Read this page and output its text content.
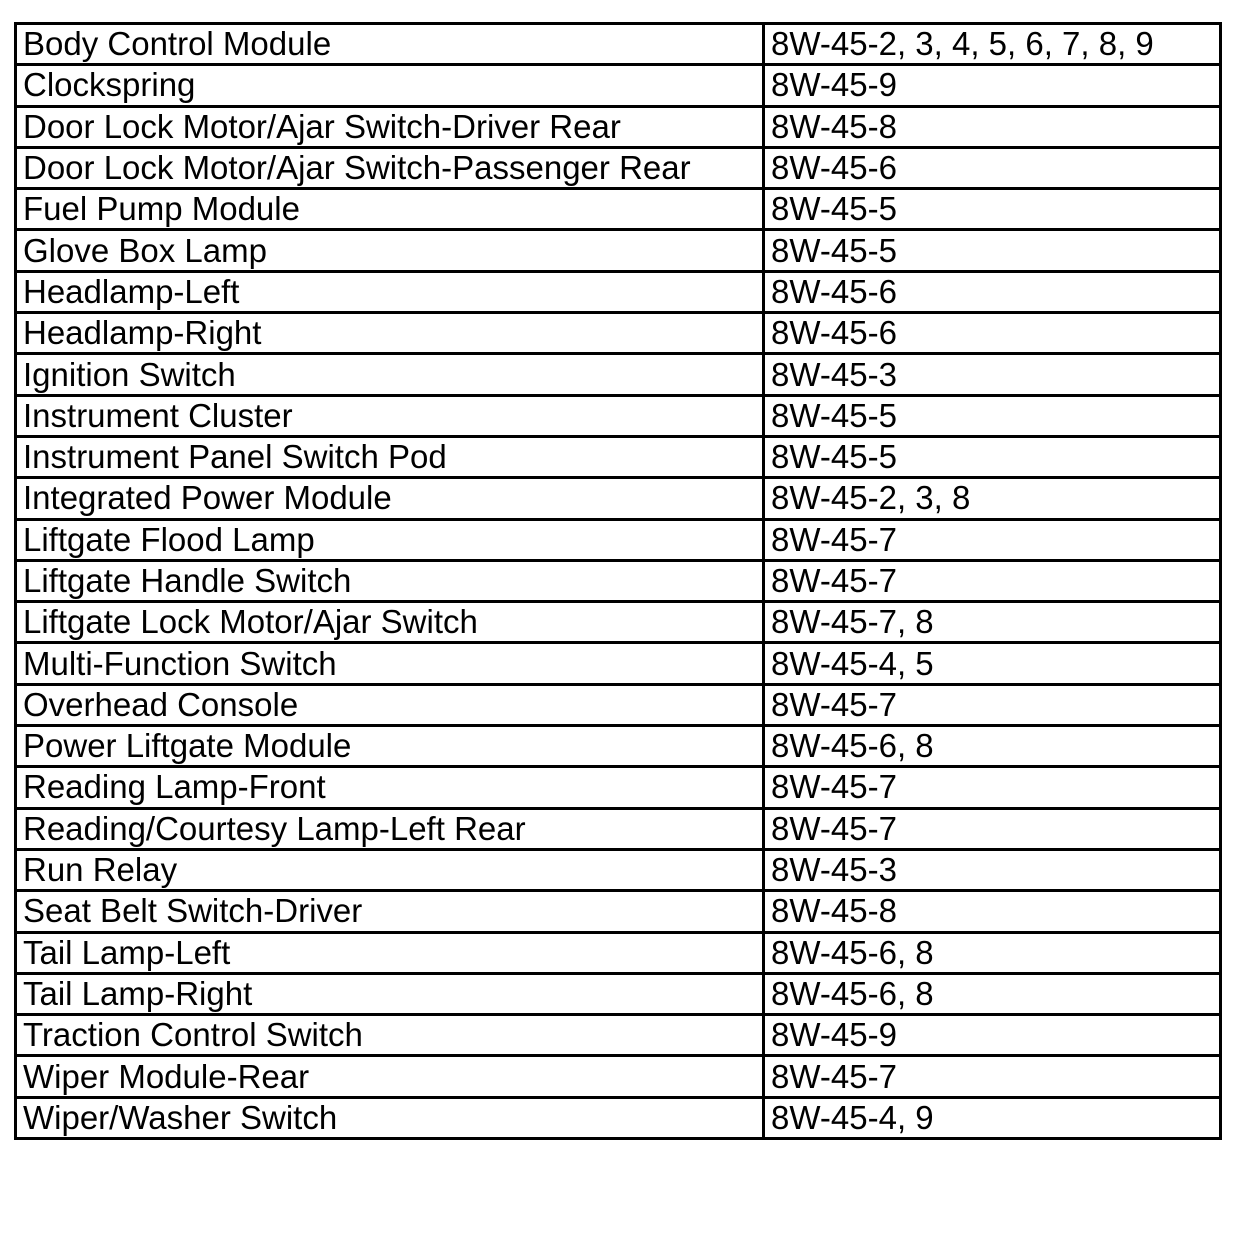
Body Control Module	8W-45-2, 3, 4, 5, 6, 7, 8, 9
Clockspring	8W-45-9
Door Lock Motor/Ajar Switch-Driver Rear	8W-45-8
Door Lock Motor/Ajar Switch-Passenger Rear	8W-45-6
Fuel Pump Module	8W-45-5
Glove Box Lamp	8W-45-5
Headlamp-Left	8W-45-6
Headlamp-Right	8W-45-6
Ignition Switch	8W-45-3
Instrument Cluster	8W-45-5
Instrument Panel Switch Pod	8W-45-5
Integrated Power Module	8W-45-2, 3, 8
Liftgate Flood Lamp	8W-45-7
Liftgate Handle Switch	8W-45-7
Liftgate Lock Motor/Ajar Switch	8W-45-7, 8
Multi-Function Switch	8W-45-4, 5
Overhead Console	8W-45-7
Power Liftgate Module	8W-45-6, 8
Reading Lamp-Front	8W-45-7
Reading/Courtesy Lamp-Left Rear	8W-45-7
Run Relay	8W-45-3
Seat Belt Switch-Driver	8W-45-8
Tail Lamp-Left	8W-45-6, 8
Tail Lamp-Right	8W-45-6, 8
Traction Control Switch	8W-45-9
Wiper Module-Rear	8W-45-7
Wiper/Washer Switch	8W-45-4, 9
